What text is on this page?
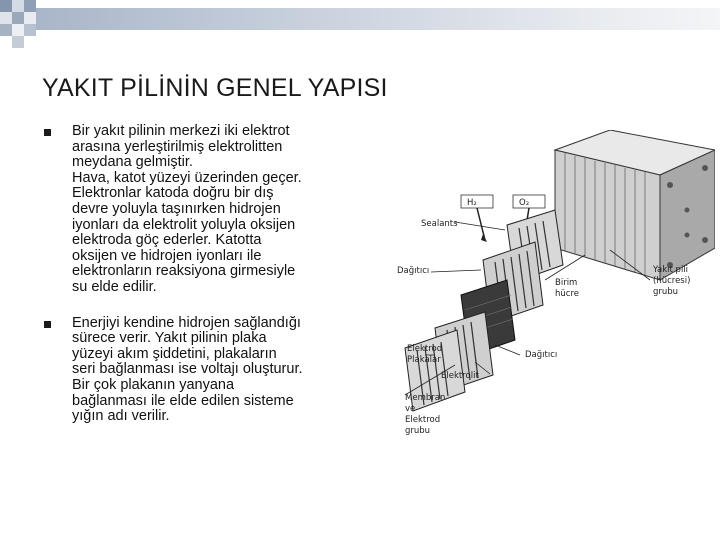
YAKIT PİLİNİN GENEL YAPISI
Bir yakıt pilinin merkezi iki elektrot
arasına yerleştirilmiş elektrolitten
meydana gelmiştir.
Hava, katot yüzeyi üzerinden geçer.
Elektronlar katoda doğru bir dış
devre yoluyla taşınırken hidrojen
iyonları da elektrolit yoluyla oksijen
elektroda göç ederler. Katotta
oksijen ve hidrojen iyonları ile
elektronların reaksiyona girmesiyle
su elde edilir.
Enerjiyi kendine hidrojen sağlandığı
sürece verir. Yakıt pilinin plaka
yüzeyi akım şiddetini, plakaların
seri bağlanması ise voltajı oluşturur.
Bir çok plakanın yanyana
bağlanması ile elde edilen sisteme
yığın adı verilir.
H₂	O₂
Sealants
Dağıtıcı
Birim
hücre
Yakıt pili
(hücresi)
grubu
Elektrod
Plakalar	Dağıtıcı
Elektrolit
Membran
ve
Elektrod
grubu
